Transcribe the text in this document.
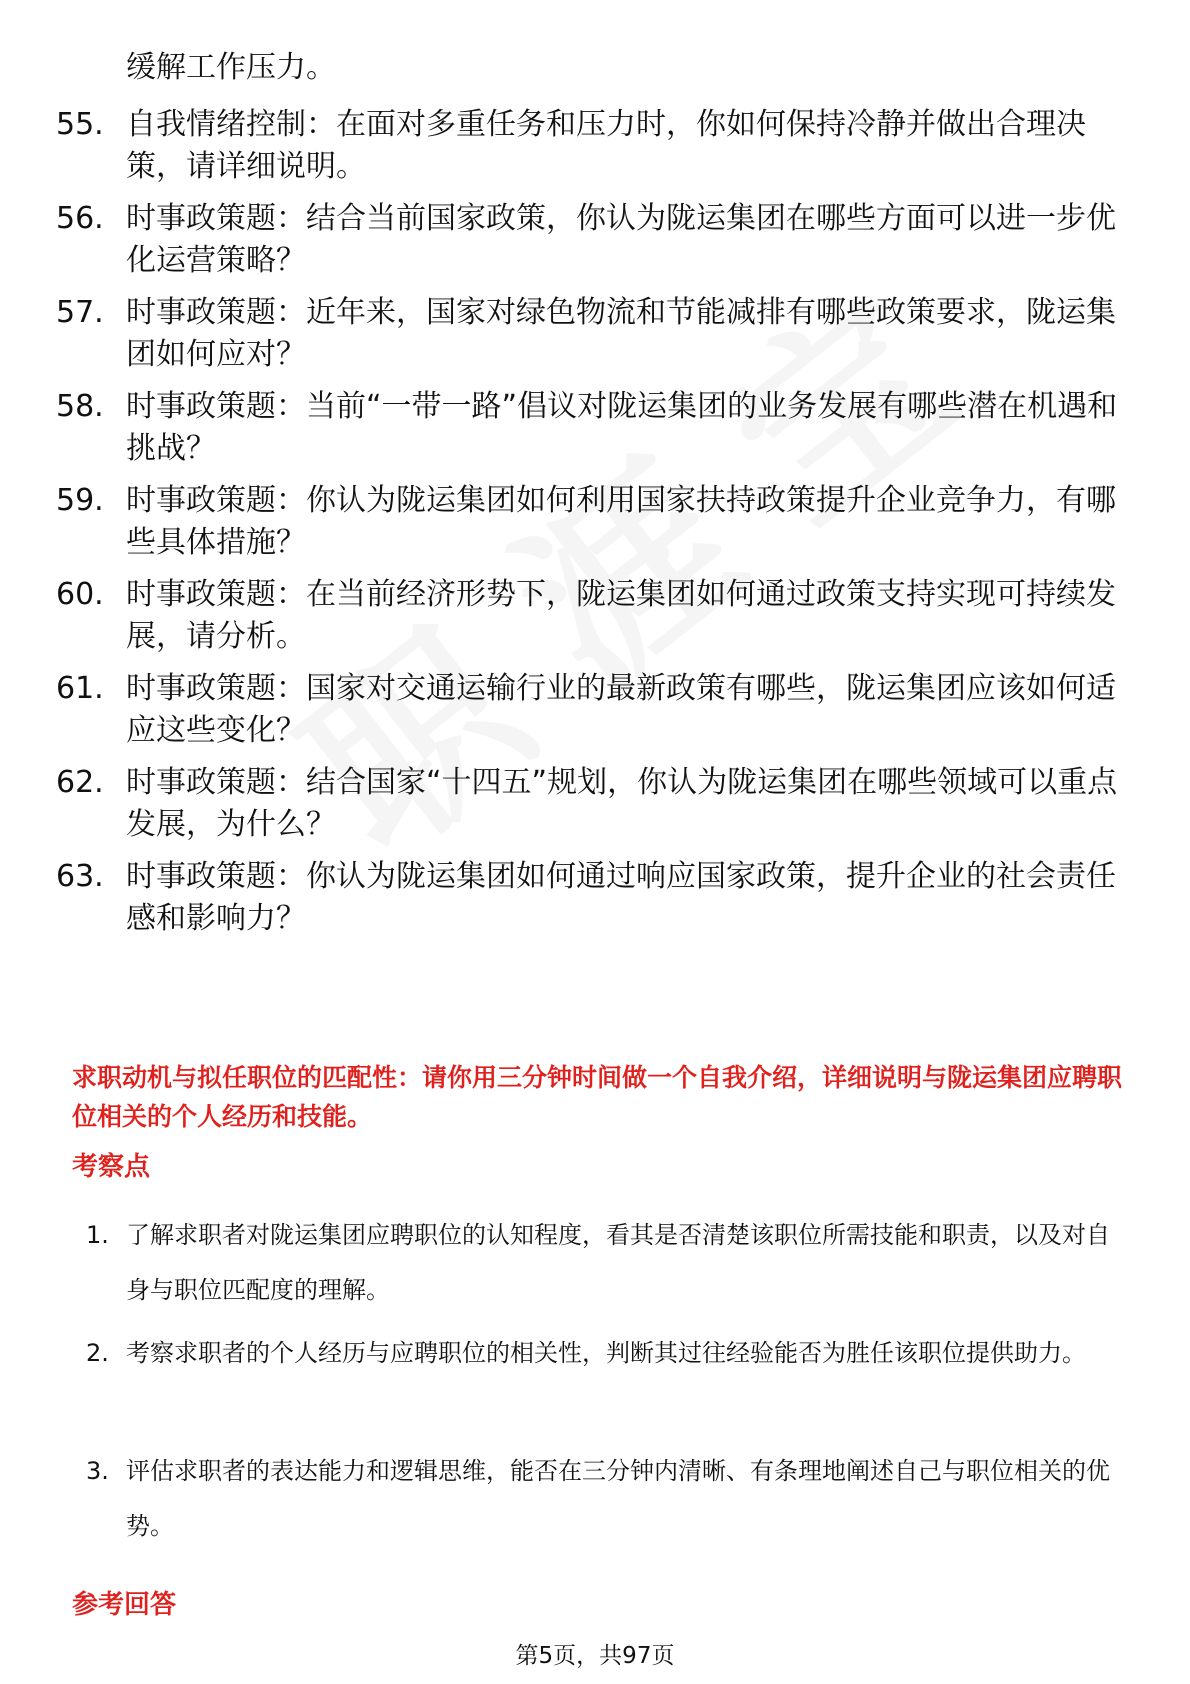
缓解工作压力。
55. 自我情绪控制：在面对多重任务和压力时，你如何保持冷静并做出合理决策，请详细说明。
56. 时事政策题：结合当前国家政策，你认为陇运集团在哪些方面可以进一步优化运营策略？
57. 时事政策题：近年来，国家对绿色物流和节能减排有哪些政策要求，陇运集团如何应对？
58. 时事政策题：当前“一带一路”倡议对陇运集团的业务发展有哪些潜在机遇和挑战？
59. 时事政策题：你认为陇运集团如何利用国家扶持政策提升企业竞争力，有哪些具体措施？
60. 时事政策题：在当前经济形势下，陇运集团如何通过政策支持实现可持续发展，请分析。
61. 时事政策题：国家对交通运输行业的最新政策有哪些，陇运集团应该如何适应这些变化？
62. 时事政策题：结合国家“十四五”规划，你认为陇运集团在哪些领域可以重点发展，为什么？
63. 时事政策题：你认为陇运集团如何通过响应国家政策，提升企业的社会责任感和影响力？
求职动机与拟任职位的匹配性：请你用三分钟时间做一个自我介绍，详细说明与陇运集团应聘职位相关的个人经历和技能。
考察点
1. 了解求职者对陇运集团应聘职位的认知程度，看其是否清楚该职位所需技能和职责，以及对自身与职位匹配度的理解。
2. 考察求职者的个人经历与应聘职位的相关性，判断其过往经验能否为胜任该职位提供助力。
3. 评估求职者的表达能力和逻辑思维，能否在三分钟内清晰、有条理地阐述自己与职位相关的优势。
参考回答
第5页，共97页
